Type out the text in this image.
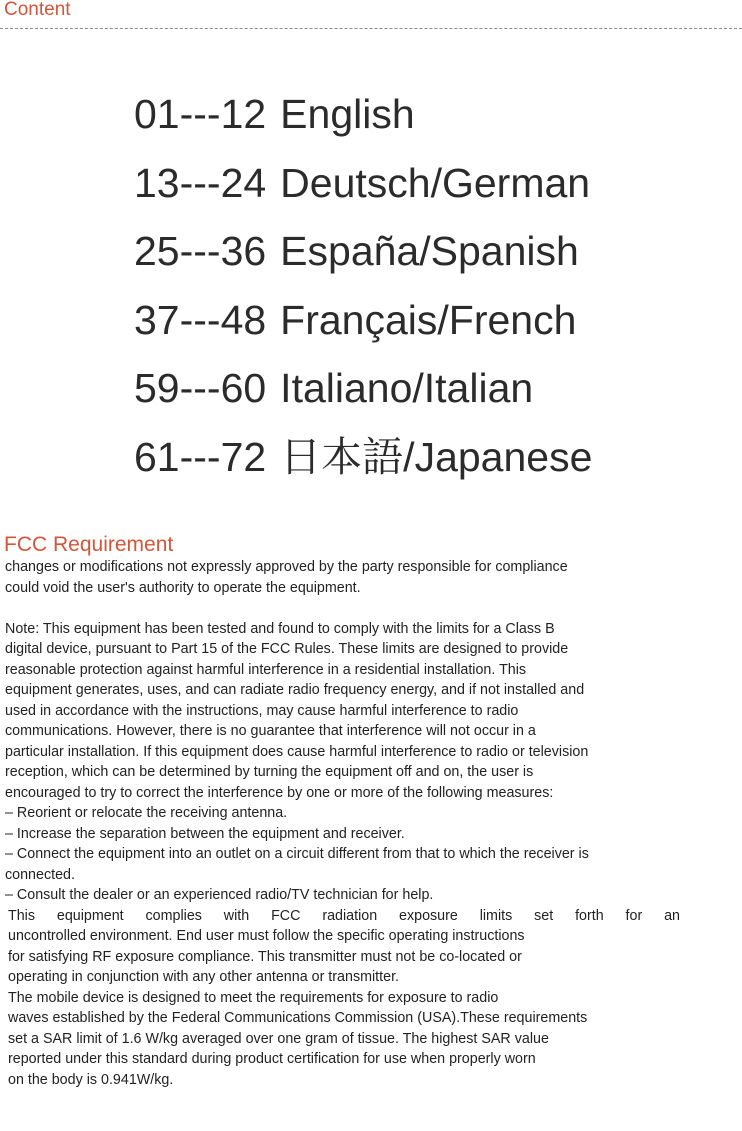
Content
01---12 English
13---24 Deutsch/German
25---36 España/Spanish
37---48 Français/French
59---60 Italiano/Italian
61---72 日本語/Japanese
FCC Requirement

changes or modifications not expressly approved by the party responsible for compliance

could void the user's authority to operate the equipment.

Note: This equipment has been tested and found to comply with the limits for a Class B

digital device, pursuant to Part 15 of the FCC Rules. These limits are designed to provide

reasonable protection against harmful interference in a residential installation. This

equipment generates, uses, and can radiate radio frequency energy, and if not installed and

used in accordance with the instructions, may cause harmful interference to radio

communications. However, there is no guarantee that interference will not occur in a

particular installation. If this equipment does cause harmful interference to radio or television

reception, which can be determined by turning the equipment off and on, the user is

encouraged to try to correct the interference by one or more of the following measures:

– Reorient or relocate the receiving antenna.

– Increase the separation between the equipment and receiver.

– Connect the equipment into an outlet on a circuit different from that to which the receiver is

connected.

– Consult the dealer or an experienced radio/TV technician for help.

This equipment complies with FCC radiation exposure limits set forth for an

uncontrolled environment. End user must follow the specific operating instructions

for satisfying RF exposure compliance. This transmitter must not be co-located or

operating in conjunction with any other antenna or transmitter.

The mobile device is designed to meet the requirements for exposure to radio

waves established by the Federal Communications Commission (USA).These requirements

set a SAR limit of 1.6 W/kg averaged over one gram of tissue. The highest SAR value

reported under this standard during product certification for use when properly worn

on the body is 0.941W/kg.
